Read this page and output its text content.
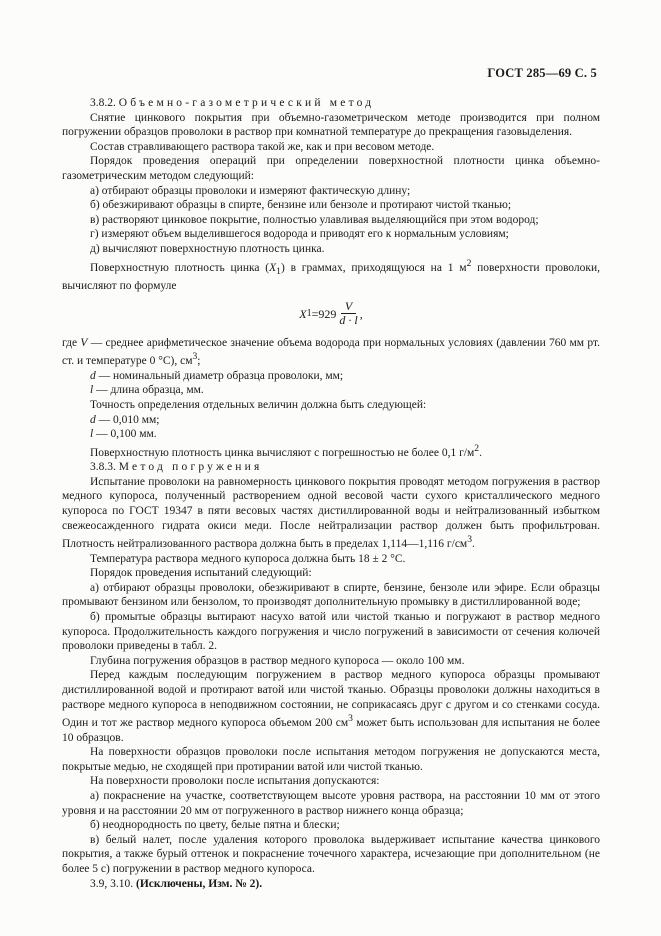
ГОСТ 285—69 С. 5

3.8.2. Объемно-газометрический метод

Снятие цинкового покрытия при объемно-газометрическом методе производится при полном погружении образцов проволоки в раствор при комнатной температуре до прекращения газовыделения.

Состав стравливающего раствора такой же, как и при весовом методе.

Порядок проведения операций при определении поверхностной плотности цинка объемно-газометрическим методом следующий:

а) отбирают образцы проволоки и измеряют фактическую длину;

б) обезжиривают образцы в спирте, бензине или бензоле и протирают чистой тканью;

в) растворяют цинковое покрытие, полностью улавливая выделяющийся при этом водород;

г) измеряют объем выделившегося водорода и приводят его к нормальным условиям;

д) вычисляют поверхностную плотность цинка.

Поверхностную плотность цинка $(X_1)$ в граммах, приходящуюся на 1 $м^2$ поверхности проволоки, вычисляют по формуле

X $1 =929 \frac{V}{d \cdot l}$ ,

где V — среднее арифметическое значение объема водорода при нормальных условиях (давлении 760 мм рт. ст. и температуре 0 °С), $см^3$;

d — номинальный диаметр образца проволоки, мм;

l — длина образца, мм.

Точность определения отдельных величин должна быть следующей:

d — 0,010 мм;

l — 0,100 мм.

Поверхностную плотность цинка вычисляют с погрешностью не более 0,1 $г/м^2$.

3.8.3. Метод погружения

Испытание проволоки на равномерность цинкового покрытия проводят методом погружения в раствор медного купороса, полученный растворением одной весовой части сухого кристаллического медного купороса по ГОСТ 19347 в пяти весовых частях дистиллированной воды и нейтрализованный избытком свежеосажденного гидрата окиси меди. После нейтрализации раствор должен быть профильтрован. Плотность нейтрализованного раствора должна быть в пределах 1,114—1,116 $г/см^3$.

Температура раствора медного купороса должна быть 18 ± 2 °С.

Порядок проведения испытаний следующий:

а) отбирают образцы проволоки, обезжиривают в спирте, бензине, бензоле или эфире. Если образцы промывают бензином или бензолом, то производят дополнительную промывку в дистиллированной воде;

б) промытые образцы вытирают насухо ватой или чистой тканью и погружают в раствор медного купороса. Продолжительность каждого погружения и число погружений в зависимости от сечения колючей проволоки приведены в табл. 2.

Глубина погружения образцов в раствор медного купороса — около 100 мм.

Перед каждым последующим погружением в раствор медного купороса образцы промывают дистиллированной водой и протирают ватой или чистой тканью. Образцы проволоки должны находиться в растворе медного купороса в неподвижном состоянии, не соприкасаясь друг с другом и со стенками сосуда. Один и тот же раствор медного купороса объемом 200 $см^3$ может быть использован для испытания не более 10 образцов.

На поверхности образцов проволоки после испытания методом погружения не допускаются места, покрытые медью, не сходящей при протирании ватой или чистой тканью.

На поверхности проволоки после испытания допускаются:

а) покраснение на участке, соответствующем высоте уровня раствора, на расстоянии 10 мм от этого уровня и на расстоянии 20 мм от погруженного в раствор нижнего конца образца;

б) неоднородность по цвету, белые пятна и блески;

в) белый налет, после удаления которого проволока выдерживает испытание качества цинкового покрытия, а также бурый оттенок и покраснение точечного характера, исчезающие при дополнительном (не более 5 с) погружении в раствор медного купороса.

3.9, 3.10. (Исключены, Изм. № 2).
